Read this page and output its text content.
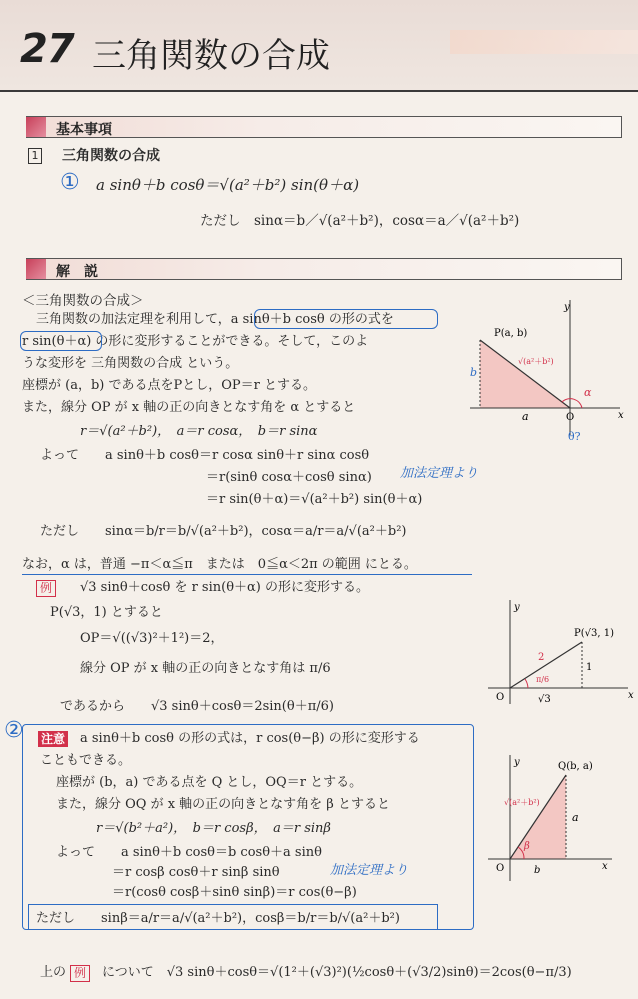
27 三角関数の合成
基本事項
1 三角関数の合成
① a sinθ＋b cosθ＝√(a²＋b²) sin(θ＋α)
ただし　sinα＝b／√(a²＋b²)，cosα＝a／√(a²＋b²)
解　説
＜三角関数の合成＞
三角関数の加法定理を利用して，a sinθ＋b cosθ の形の式を
r sin(θ＋α) の形に変形することができる。そして，このよ
うな変形を 三角関数の合成 という。
座標が (a，b) である点をPとし，OP＝r とする。
また，線分 OP が x 軸の正の向きとなす角を α とすると
r＝√(a²＋b²)，　a＝r cosα，　b＝r sinα
よって　　a sinθ＋b cosθ＝r cosα sinθ＋r sinα cosθ
＝r(sinθ cosα＋cosθ sinα) 加法定理より
＝r sin(θ＋α)＝√(a²＋b²) sin(θ＋α)
ただし　　sinα＝b/r＝b/√(a²＋b²)，cosα＝a/r＝a/√(a²＋b²)
なお，α は，普通 −π＜α≦π　または　0≦α＜2π の範囲 にとる。
例	√3 sinθ＋cosθ を r sin(θ＋α) の形に変形する。
P(√3，1) とすると
OP＝√((√3)²＋1²)＝2，
線分 OP が x 軸の正の向きとなす角は π/6
であるから　　√3 sinθ＋cosθ＝2sin(θ＋π/6)
② 注意 a sinθ＋b cosθ の形の式は，r cos(θ−β) の形に変形する
こともできる。
座標が (b，a) である点を Q とし，OQ＝r とする。
また，線分 OQ が x 軸の正の向きとなす角を β とすると
r＝√(b²＋a²)，　b＝r cosβ，　a＝r sinβ
よって　　a sinθ＋b cosθ＝b cosθ＋a sinθ
＝r cosβ cosθ＋r sinβ sinθ	加法定理より
＝r(cosθ cosβ＋sinθ sinβ)＝r cos(θ−β)
ただし　　sinβ＝a/r＝a/√(a²＋b²)，cosβ＝b/r＝b/√(a²＋b²)
上の 例	について　√3 sinθ＋cosθ＝√(1²＋(√3)²)(½cosθ＋(√3/2)sinθ)＝2cos(θ−π/3)
P(a, b)
√(a²＋b²)
b
a
α
O	x
y
θ?
P(√3, 1)
2
1
√3
π/6
O	x
y
Q(b, a)
√(a²＋b²)
a
b
β
O	x
y
